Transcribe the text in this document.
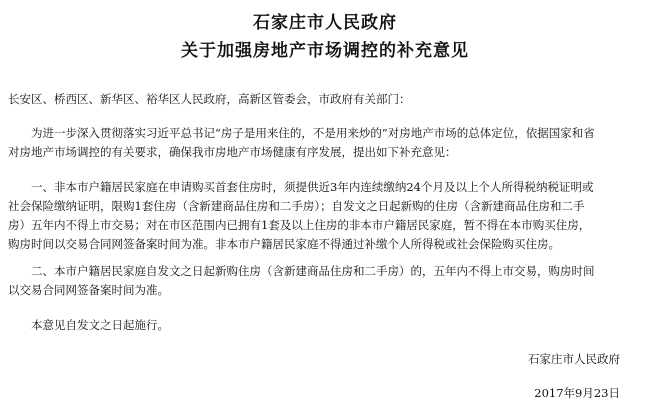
石家庄市人民政府
关于加强房地产市场调控的补充意见
长安区、桥西区、新华区、裕华区人民政府，高新区管委会，市政府有关部门：
为进一步深入贯彻落实习近平总书记“房子是用来住的，不是用来炒的”对房地产市场的总体定位，依据国家和省
对房地产市场调控的有关要求，确保我市房地产市场健康有序发展，提出如下补充意见：
一、非本市户籍居民家庭在申请购买首套住房时，须提供近3年内连续缴纳24个月及以上个人所得税纳税证明或
社会保险缴纳证明，限购1套住房（含新建商品住房和二手房）；自发文之日起新购的住房（含新建商品住房和二手
房）五年内不得上市交易；对在市区范围内已拥有1套及以上住房的非本市户籍居民家庭，暂不得在本市购买住房，
购房时间以交易合同网签备案时间为准。非本市户籍居民家庭不得通过补缴个人所得税或社会保险购买住房。
二、本市户籍居民家庭自发文之日起新购住房（含新建商品住房和二手房）的，五年内不得上市交易，购房时间
以交易合同网签备案时间为准。
本意见自发文之日起施行。
石家庄市人民政府
2017年9月23日
